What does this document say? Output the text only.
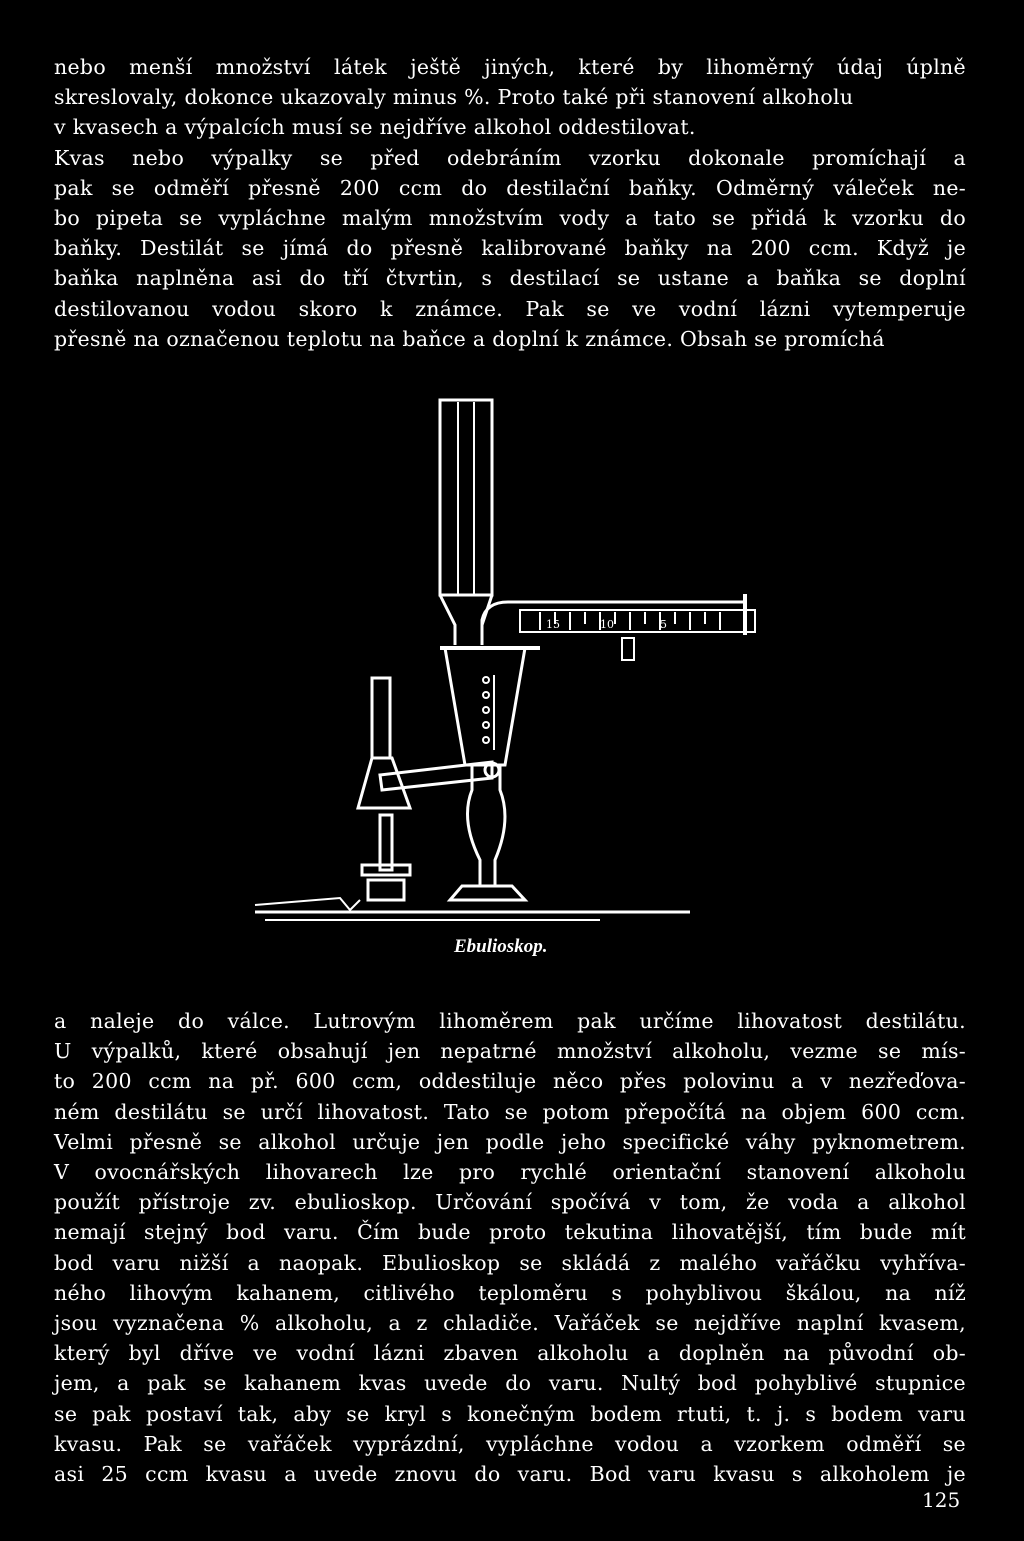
nebo menší množství látek ještě jiných, které by lihoměrný údaj úplně
skreslovaly, dokonce ukazovaly minus %. Proto také při stanovení alkoholu
v kvasech a výpalcích musí se nejdříve alkohol oddestilovat.
Kvas nebo výpalky se před odebráním vzorku dokonale promíchají a
pak se odměří přesně 200 ccm do destilační baňky. Odměrný váleček ne-
bo pipeta se vypláchne malým množstvím vody a tato se přidá k vzorku do
baňky. Destilát se jímá do přesně kalibrované baňky na 200 ccm. Když je
baňka naplněna asi do tří čtvrtin, s destilací se ustane a baňka se doplní
destilovanou vodou skoro k známce. Pak se ve vodní lázni vytemperuje
přesně na označenou teplotu na baňce a doplní k známce. Obsah se promíchá
15	10	5
Ebulioskop.
a naleje do válce. Lutrovým lihoměrem pak určíme lihovatost destilátu.
U výpalků, které obsahují jen nepatrné množství alkoholu, vezme se mís-
to 200 ccm na př. 600 ccm, oddestiluje něco přes polovinu a v nezřeďova-
ném destilátu se určí lihovatost. Tato se potom přepočítá na objem 600 ccm.
Velmi přesně se alkohol určuje jen podle jeho specifické váhy pyknometrem.
V ovocnářských lihovarech lze pro rychlé orientační stanovení alkoholu
použít přístroje zv. ebulioskop. Určování spočívá v tom, že voda a alkohol
nemají stejný bod varu. Čím bude proto tekutina lihovatější, tím bude mít
bod varu nižší a naopak. Ebulioskop se skládá z malého vařáčku vyhříva-
ného lihovým kahanem, citlivého teploměru s pohyblivou škálou, na níž
jsou vyznačena % alkoholu, a z chladiče. Vařáček se nejdříve naplní kvasem,
který byl dříve ve vodní lázni zbaven alkoholu a doplněn na původní ob-
jem, a pak se kahanem kvas uvede do varu. Nultý bod pohyblivé stupnice
se pak postaví tak, aby se kryl s konečným bodem rtuti, t. j. s bodem varu
kvasu. Pak se vařáček vyprázdní, vypláchne vodou a vzorkem odměří se
asi 25 ccm kvasu a uvede znovu do varu. Bod varu kvasu s alkoholem je
125
